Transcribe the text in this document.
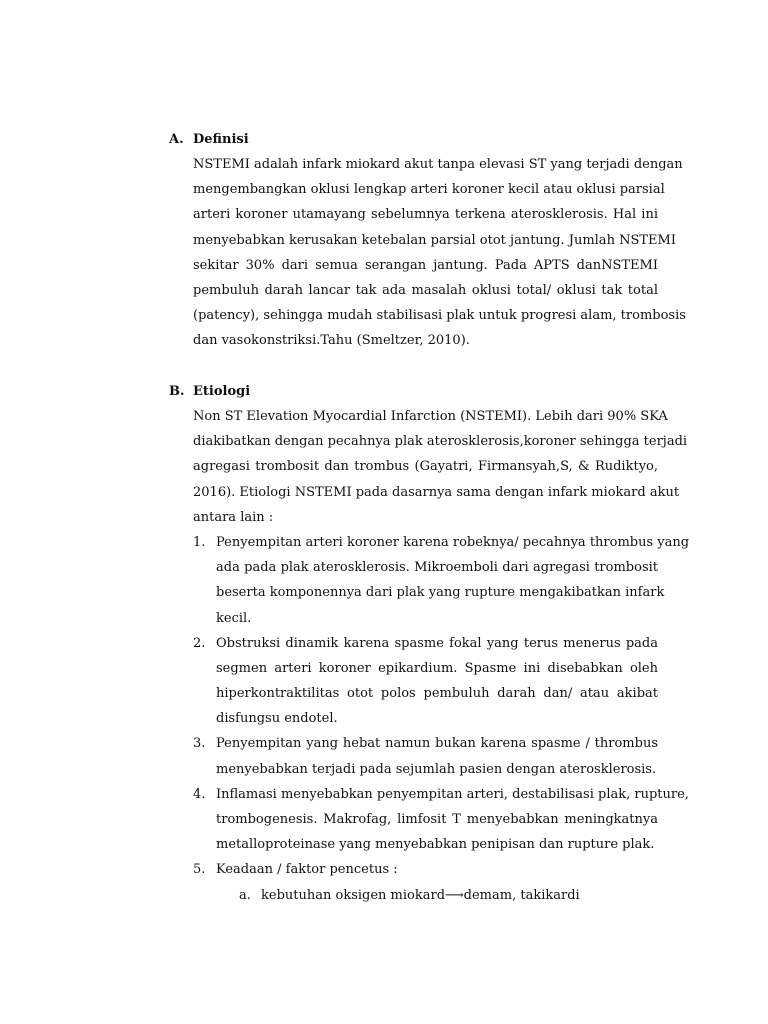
A. Definisi
NSTEMI adalah infark miokard akut tanpa elevasi ST yang terjadi dengan
mengembangkan oklusi lengkap arteri koroner kecil atau oklusi parsial
arteri koroner utamayang sebelumnya terkena aterosklerosis. Hal ini
menyebabkan kerusakan ketebalan parsial otot jantung. Jumlah NSTEMI
sekitar 30% dari semua serangan jantung. Pada APTS danNSTEMI
pembuluh darah lancar tak ada masalah oklusi total/ oklusi tak total
(patency), sehingga mudah stabilisasi plak untuk progresi alam, trombosis
dan vasokonstriksi.Tahu (Smeltzer, 2010).
B. Etiologi
Non ST Elevation Myocardial Infarction (NSTEMI). Lebih dari 90% SKA
diakibatkan dengan pecahnya plak aterosklerosis,koroner sehingga terjadi
agregasi trombosit dan trombus (Gayatri, Firmansyah,S, & Rudiktyo,
2016). Etiologi NSTEMI pada dasarnya sama dengan infark miokard akut
antara lain :
1. Penyempitan arteri koroner karena robeknya/ pecahnya thrombus yang
ada pada plak aterosklerosis. Mikroemboli dari agregasi trombosit
beserta komponennya dari plak yang rupture mengakibatkan infark
kecil.
2. Obstruksi dinamik karena spasme fokal yang terus menerus pada
segmen arteri koroner epikardium. Spasme ini disebabkan oleh
hiperkontraktilitas otot polos pembuluh darah dan/ atau akibat
disfungsu endotel.
3. Penyempitan yang hebat namun bukan karena spasme / thrombus
menyebabkan terjadi pada sejumlah pasien dengan aterosklerosis.
4. Inflamasi menyebabkan penyempitan arteri, destabilisasi plak, rupture,
trombogenesis. Makrofag, limfosit T menyebabkan meningkatnya
metalloproteinase yang menyebabkan penipisan dan rupture plak.
5. Keadaan / faktor pencetus :
a. kebutuhan oksigen miokard⟶demam, takikardi
